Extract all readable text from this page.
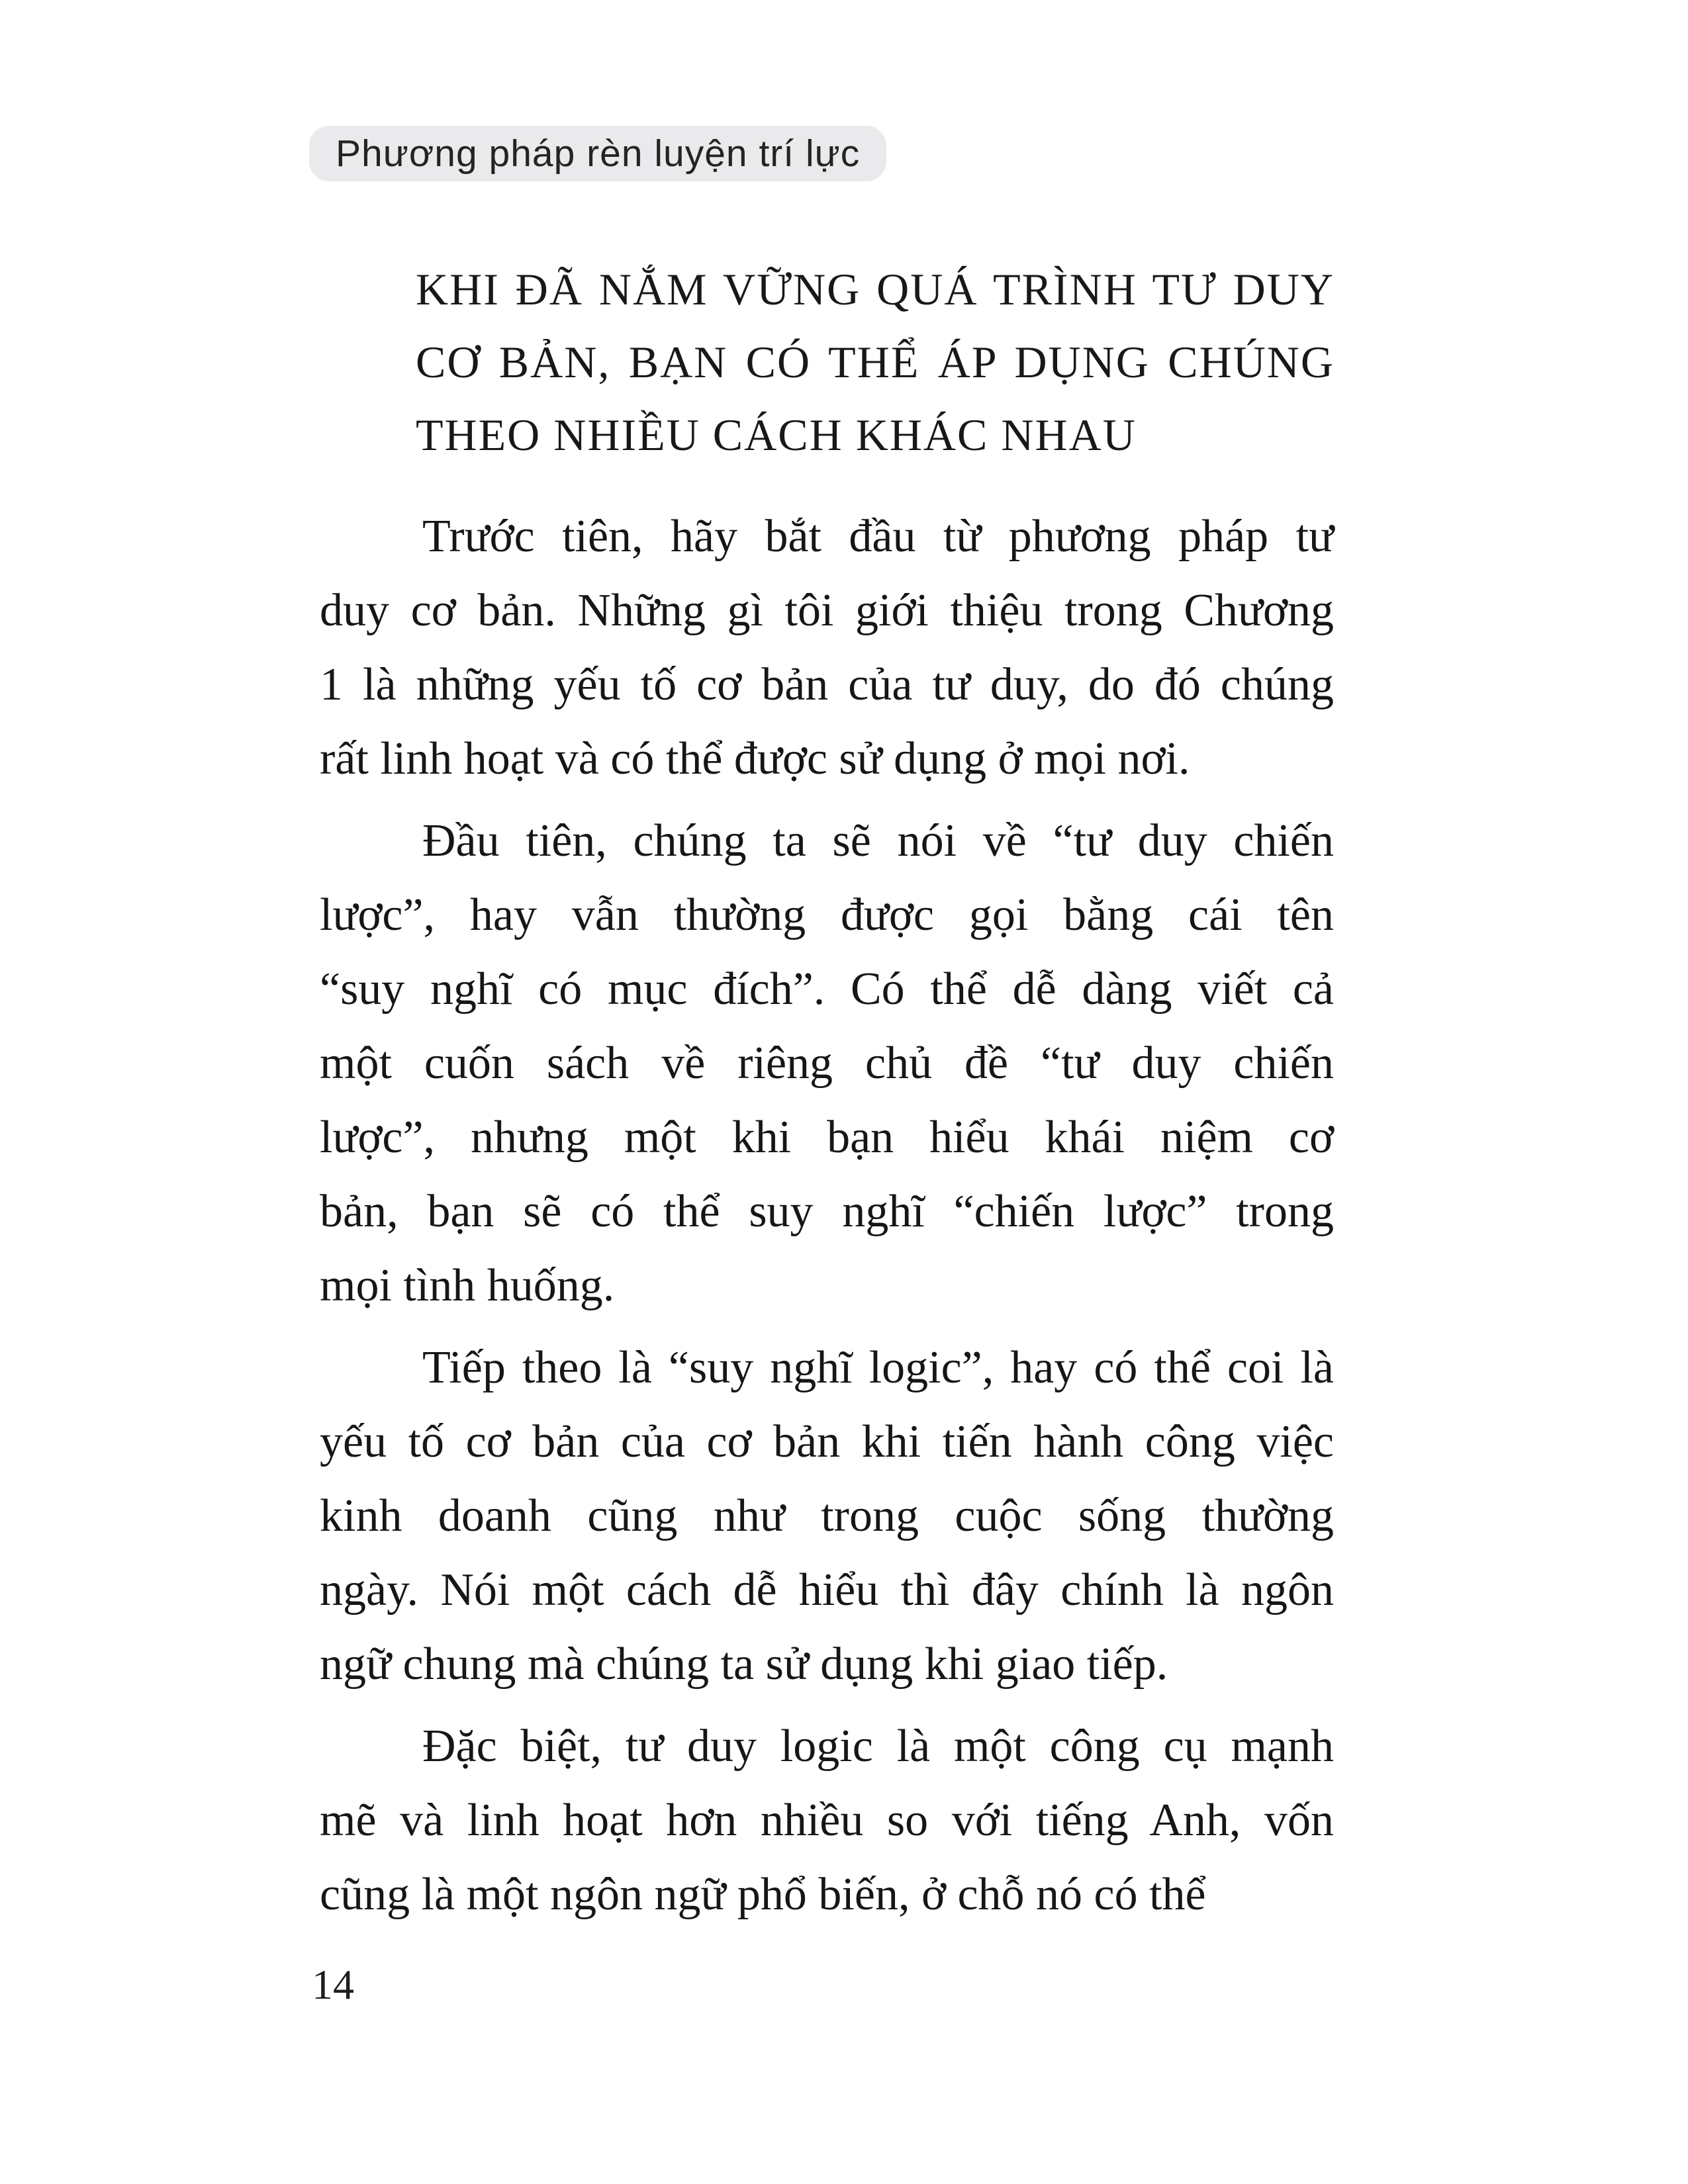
Phương pháp rèn luyện trí lực
KHI ĐÃ NẮM VỮNG QUÁ TRÌNH TƯ DUY
CƠ BẢN, BẠN CÓ THỂ ÁP DỤNG CHÚNG
THEO NHIỀU CÁCH KHÁC NHAU
Trước tiên, hãy bắt đầu từ phương pháp tư
duy cơ bản. Những gì tôi giới thiệu trong Chương
1 là những yếu tố cơ bản của tư duy, do đó chúng
rất linh hoạt và có thể được sử dụng ở mọi nơi.
Đầu tiên, chúng ta sẽ nói về “tư duy chiến
lược”, hay vẫn thường được gọi bằng cái tên
“suy nghĩ có mục đích”. Có thể dễ dàng viết cả
một cuốn sách về riêng chủ đề “tư duy chiến
lược”, nhưng một khi bạn hiểu khái niệm cơ
bản, bạn sẽ có thể suy nghĩ “chiến lược” trong
mọi tình huống.
Tiếp theo là “suy nghĩ logic”, hay có thể coi là
yếu tố cơ bản của cơ bản khi tiến hành công việc
kinh doanh cũng như trong cuộc sống thường
ngày. Nói một cách dễ hiểu thì đây chính là ngôn
ngữ chung mà chúng ta sử dụng khi giao tiếp.
Đặc biệt, tư duy logic là một công cụ mạnh
mẽ và linh hoạt hơn nhiều so với tiếng Anh, vốn
cũng là một ngôn ngữ phổ biến, ở chỗ nó có thể
14
